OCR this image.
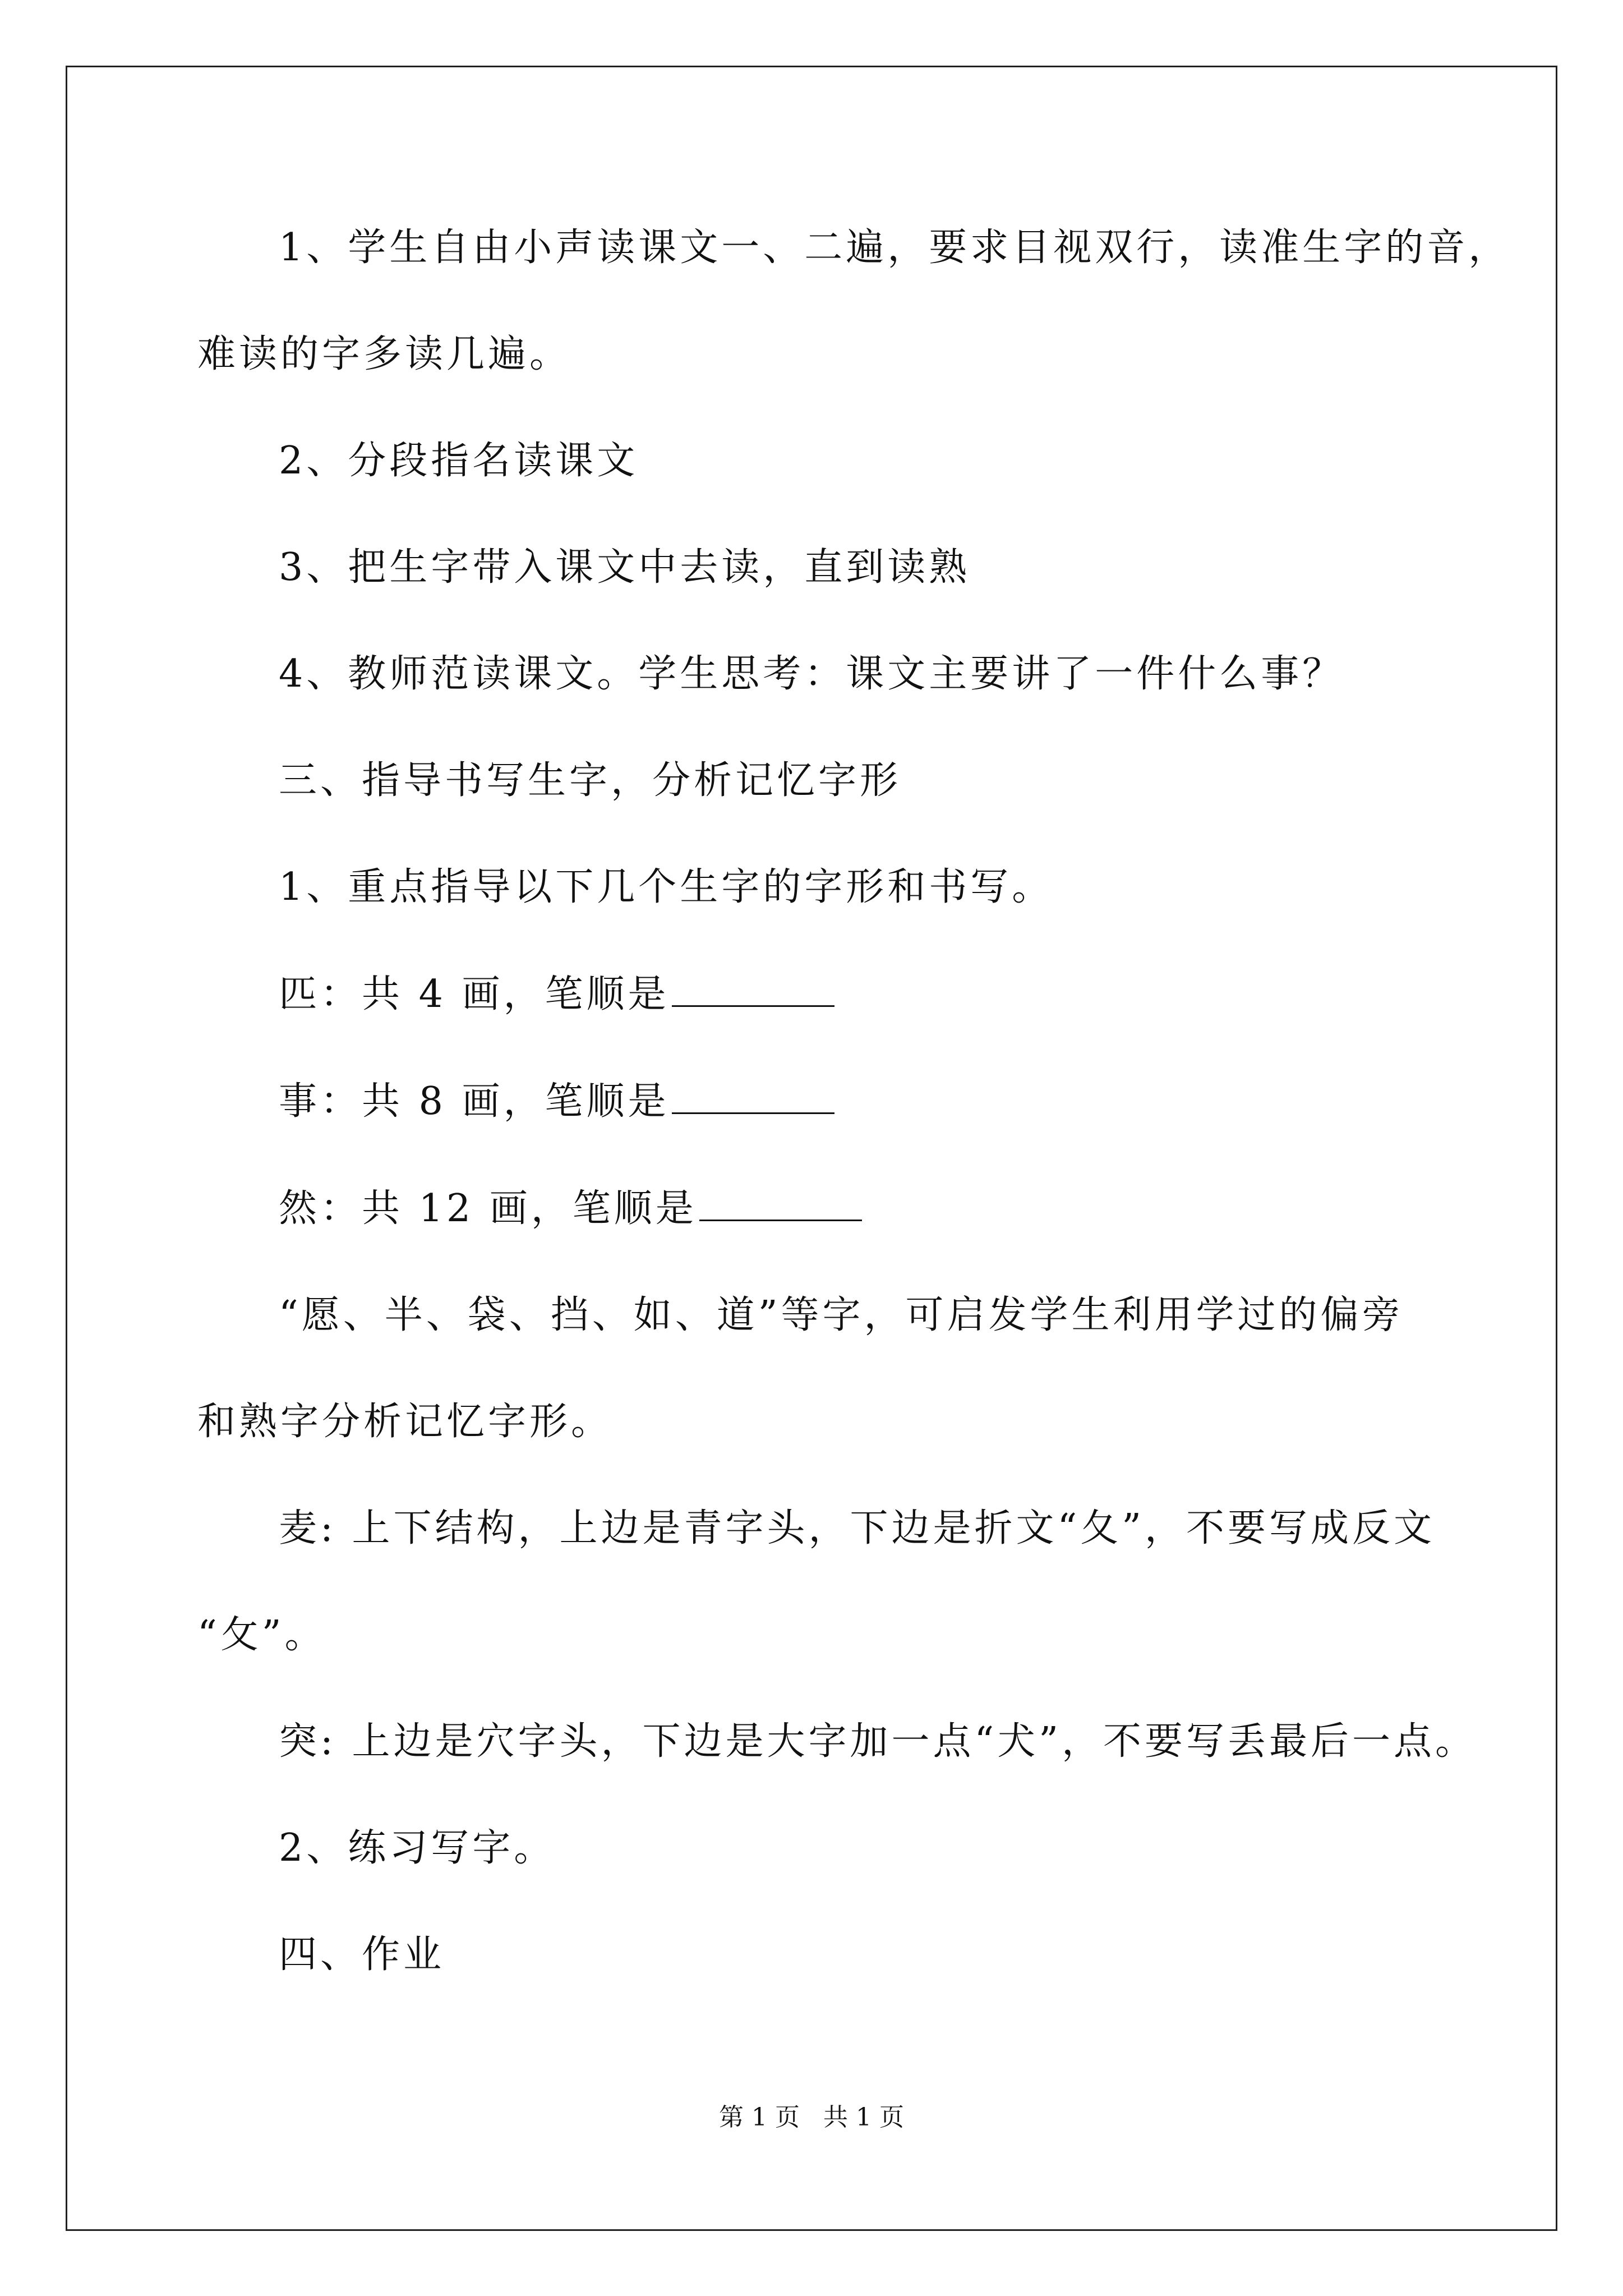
1、学生自由小声读课文一、二遍，要求目视双行，读准生字的音，
难读的字多读几遍。
2、分段指名读课文
3、把生字带入课文中去读，直到读熟
4、教师范读课文。学生思考：课文主要讲了一件什么事？
三、指导书写生字，分析记忆字形
1、重点指导以下几个生字的字形和书写。
匹：共 4 画，笔顺是
事：共 8 画，笔顺是
然：共 12 画，笔顺是
“愿、半、袋、挡、如、道”等字，可启发学生利用学过的偏旁
和熟字分析记忆字形。
麦: 上下结构，上边是青字头，下边是折文“夂”，不要写成反文
“攵”。
突: 上边是穴字头，下边是大字加一点“犬”，不要写丢最后一点。
2、练习写字。
四、作业
第 1 页 共 1 页
